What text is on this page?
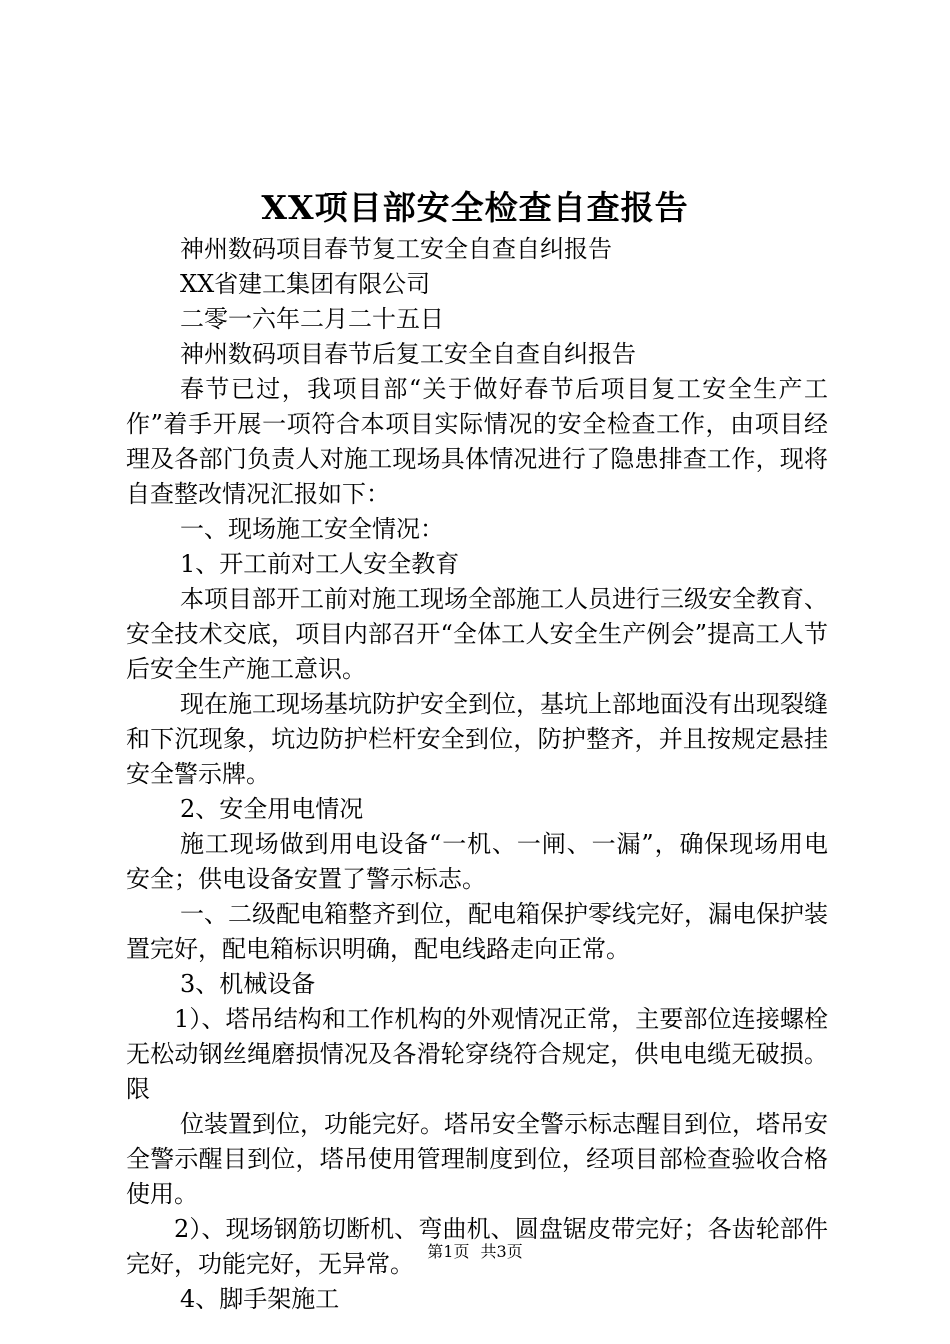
XX项目部安全检查自查报告

神州数码项目春节复工安全自查自纠报告

XX省建工集团有限公司

二零一六年二月二十五日

神州数码项目春节后复工安全自查自纠报告

春节已过，我项目部“关于做好春节后项目复工安全生产工作”着手开展一项符合本项目实际情况的安全检查工作，由项目经理及各部门负责人对施工现场具体情况进行了隐患排查工作，现将自查整改情况汇报如下：

一、现场施工安全情况：

1、开工前对工人安全教育

本项目部开工前对施工现场全部施工人员进行三级安全教育、安全技术交底，项目内部召开“全体工人安全生产例会”提高工人节后安全生产施工意识。

现在施工现场基坑防护安全到位，基坑上部地面没有出现裂缝和下沉现象，坑边防护栏杆安全到位，防护整齐，并且按规定悬挂安全警示牌。

2、安全用电情况

施工现场做到用电设备“一机、一闸、一漏”，确保现场用电安全；供电设备安置了警示标志。

一、二级配电箱整齐到位，配电箱保护零线完好，漏电保护装置完好，配电箱标识明确，配电线路走向正常。

3、机械设备

1）、塔吊结构和工作机构的外观情况正常，主要部位连接螺栓无松动钢丝绳磨损情况及各滑轮穿绕符合规定，供电电缆无破损。限

位装置到位，功能完好。塔吊安全警示标志醒目到位，塔吊安全警示醒目到位，塔吊使用管理制度到位，经项目部检查验收合格使用。

2）、现场钢筋切断机、弯曲机、圆盘锯皮带完好；各齿轮部件完好，功能完好，无异常。

4、脚手架施工

第1页 共3页
